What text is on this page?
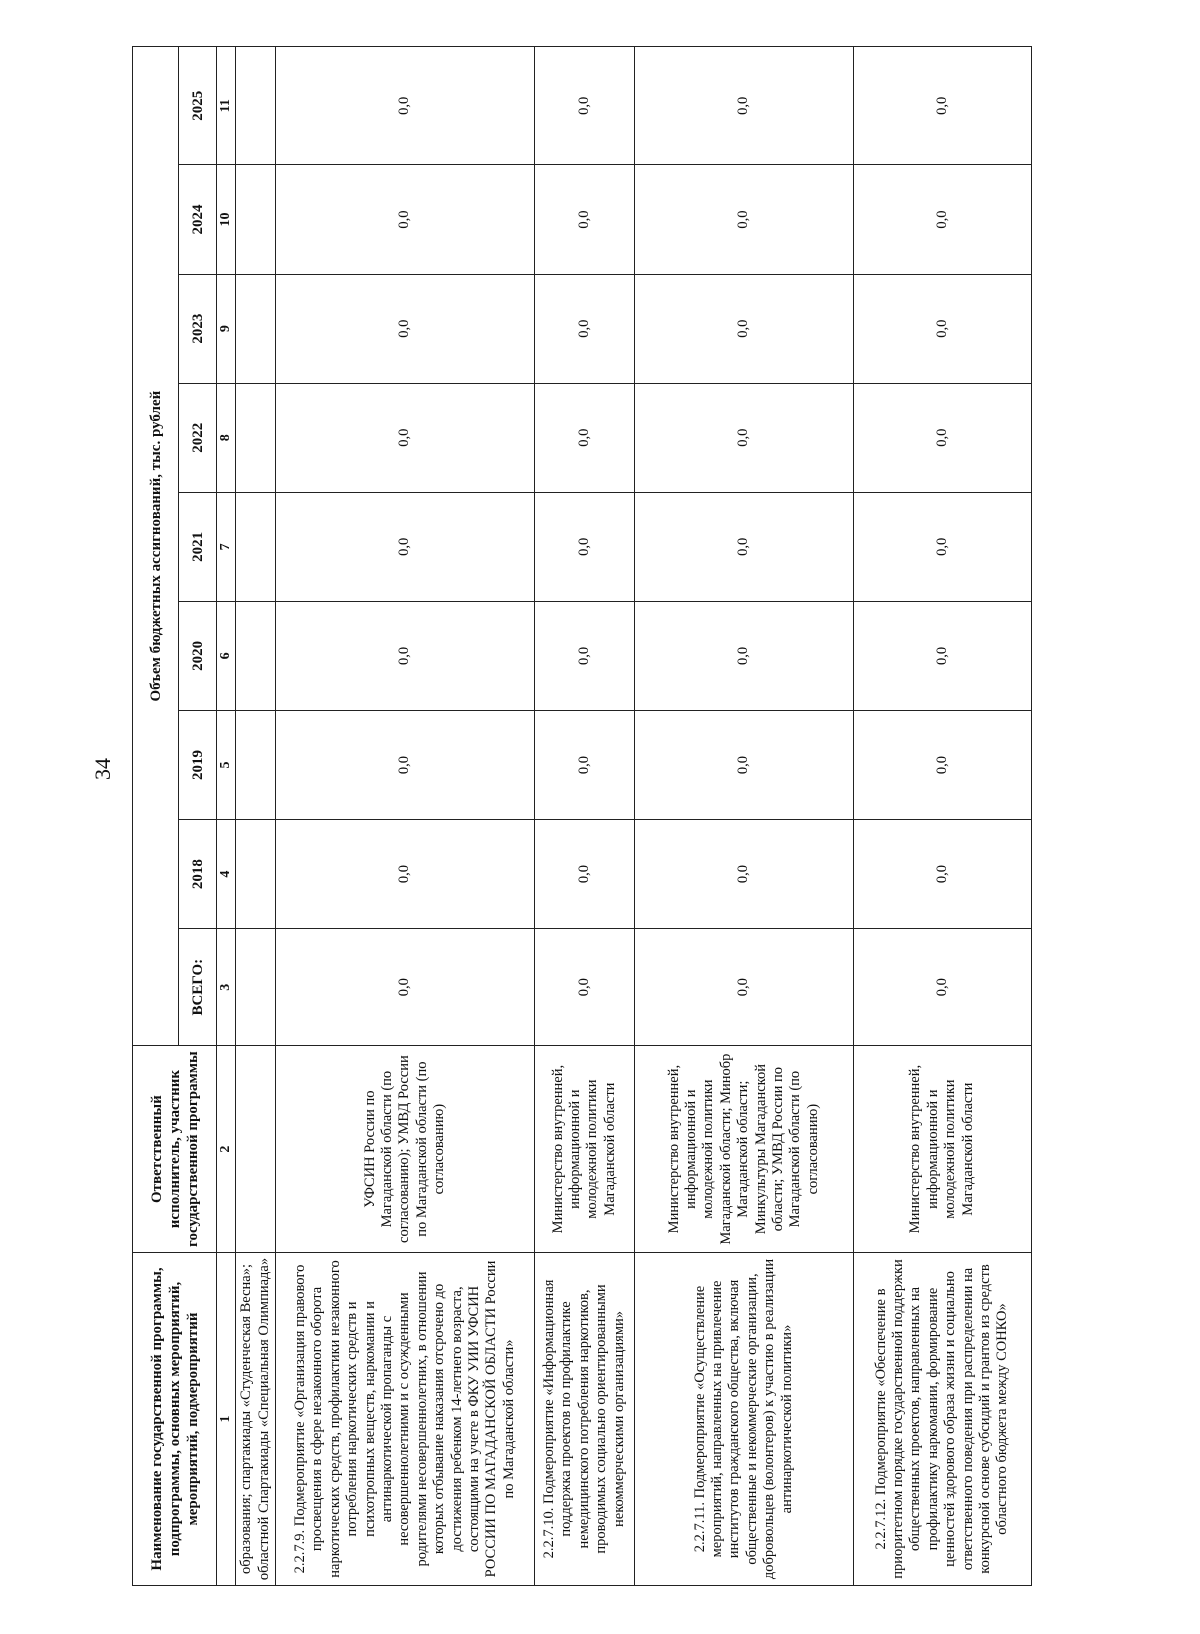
34
Наименование государственной программы, подпрограммы, основных мероприятий, мероприятий, подмероприятий	Ответственный исполнитель, участник государственной программы	Объем бюджетных ассигнований, тыс. рублей								
		ВСЕГО:	2018	2019	2020	2021	2022	2023	2024	2025
1	2	3	4	5	6	7	8	9	10	11
образования; спартакиады «Студенческая Весна»; областной Спартакиады «Специальная Олимпиада»										
2.2.7.9. Подмероприятие «Организация правового просвещения в сфере незаконного оборота наркотических средств, профилактики незаконного потребления наркотических средств и психотропных веществ, наркомании и антинаркотической пропаганды с несовершеннолетними и с осужденными родителями несовершеннолетних, в отношении которых отбывание наказания отсрочено до достижения ребенком 14-летнего возраста, состоящими на учете в ФКУ УИИ УФСИН РОССИИ ПО МАГАДАНСКОЙ ОБЛАСТИ России по Магаданской области»	УФСИН России по Магаданской области (по согласованию); УМВД России по Магаданской области (по согласованию)	0,0	0,0	0,0	0,0	0,0	0,0	0,0	0,0	0,0
2.2.7.10. Подмероприятие «Информационная поддержка проектов по профилактике немедицинского потребления наркотиков, проводимых социально ориентированными некоммерческими организациями»	Министерство внутренней, информационной и молодежной политики Магаданской области	0,0	0,0	0,0	0,0	0,0	0,0	0,0	0,0	0,0
2.2.7.11. Подмероприятие «Осуществление мероприятий, направленных на привлечение институтов гражданского общества, включая общественные и некоммерческие организации, добровольцев (волонтеров) к участию в реализации антинаркотической политики»	Министерство внутренней, информационной и молодежной политики Магаданской области; Минобр Магаданской области; Минкультуры Магаданской области; УМВД России по Магаданской области (по согласованию)	0,0	0,0	0,0	0,0	0,0	0,0	0,0	0,0	0,0
2.2.7.12. Подмероприятие «Обеспечение в приоритетном порядке государственной поддержки общественных проектов, направленных на профилактику наркомании, формирование ценностей здорового образа жизни и социально ответственного поведения при распределении на конкурсной основе субсидий и грантов из средств областного бюджета между СОНКО»	Министерство внутренней, информационной и молодежной политики Магаданской области	0,0	0,0	0,0	0,0	0,0	0,0	0,0	0,0	0,0
